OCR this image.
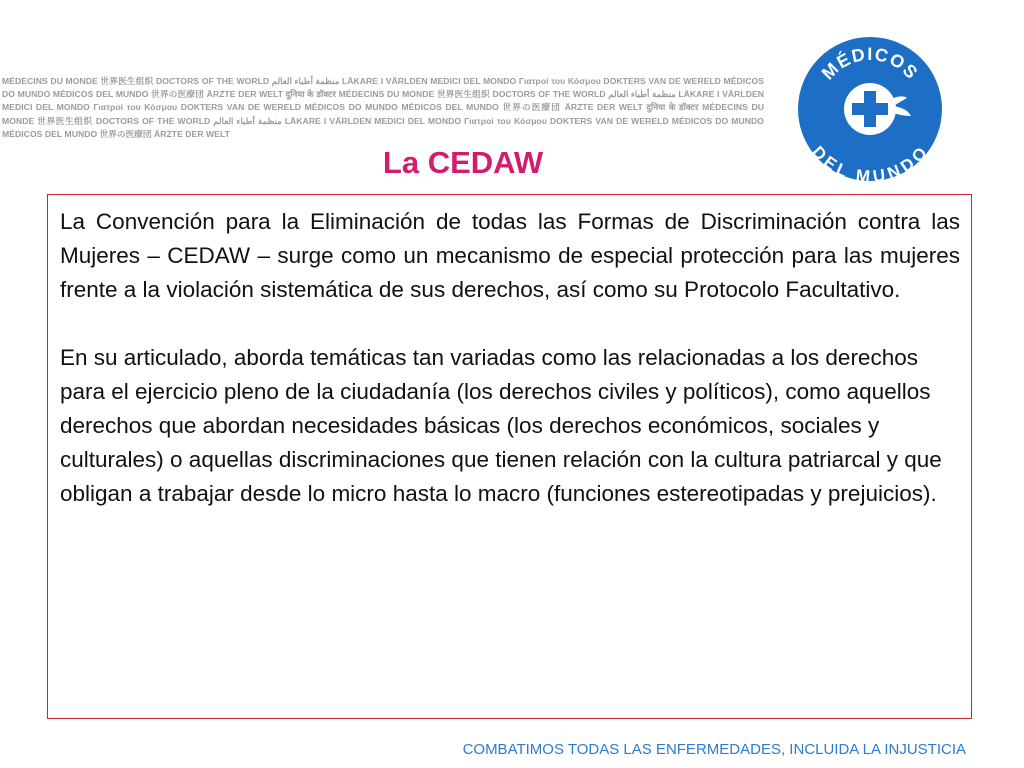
MÉDECINS DU MONDE 世界医生组织 DOCTORS OF THE WORLD منظمة أطباء العالم LÄKARE I VÄRLDEN MEDICI DEL MONDO Γιατροί του Κόσμου DOKTERS VAN DE WERELD MÉDICOS DO MUNDO MÉDICOS DEL MUNDO 世界の医療団 ÄRZTE DER WELT दुनिया के डॉक्टर MÉDECINS DU MONDE 世界医生组织 DOCTORS OF THE WORLD منظمة أطباء العالم LÄKARE I VÄRLDEN MEDICI DEL MONDO Γιατροί του Κόσμου DOKTERS VAN DE WERELD MÉDICOS DO MUNDO MÉDICOS DEL MUNDO 世界の医療団 ÄRZTE DER WELT दुनिया के डॉक्टर MÉDECINS DU MONDE 世界医生组织 DOCTORS OF THE WORLD منظمة أطباء العالم LÄKARE I VÄRLDEN MEDICI DEL MONDO Γιατροί του Κόσμου DOKTERS VAN DE WERELD MÉDICOS DO MUNDO MÉDICOS DEL MUNDO 世界の医療団 ÄRZTE DER WELT
La CEDAW
MÉDICOS
DEL MUNDO

La Convención para la Eliminación de todas las Formas de Discriminación contra las Mujeres – CEDAW – surge como un mecanismo de especial protección para las mujeres frente a la violación sistemática de sus derechos, así como su Protocolo Facultativo.

En su articulado, aborda temáticas tan variadas como las relacionadas a los derechos para el ejercicio pleno de la ciudadanía (los derechos civiles y políticos), como aquellos derechos que abordan necesidades básicas (los derechos económicos, sociales y culturales) o aquellas discriminaciones que tienen relación con la cultura patriarcal y que obligan a trabajar desde lo micro hasta lo macro (funciones estereotipadas y prejuicios).

COMBATIMOS TODAS LAS ENFERMEDADES, INCLUIDA LA INJUSTICIA
